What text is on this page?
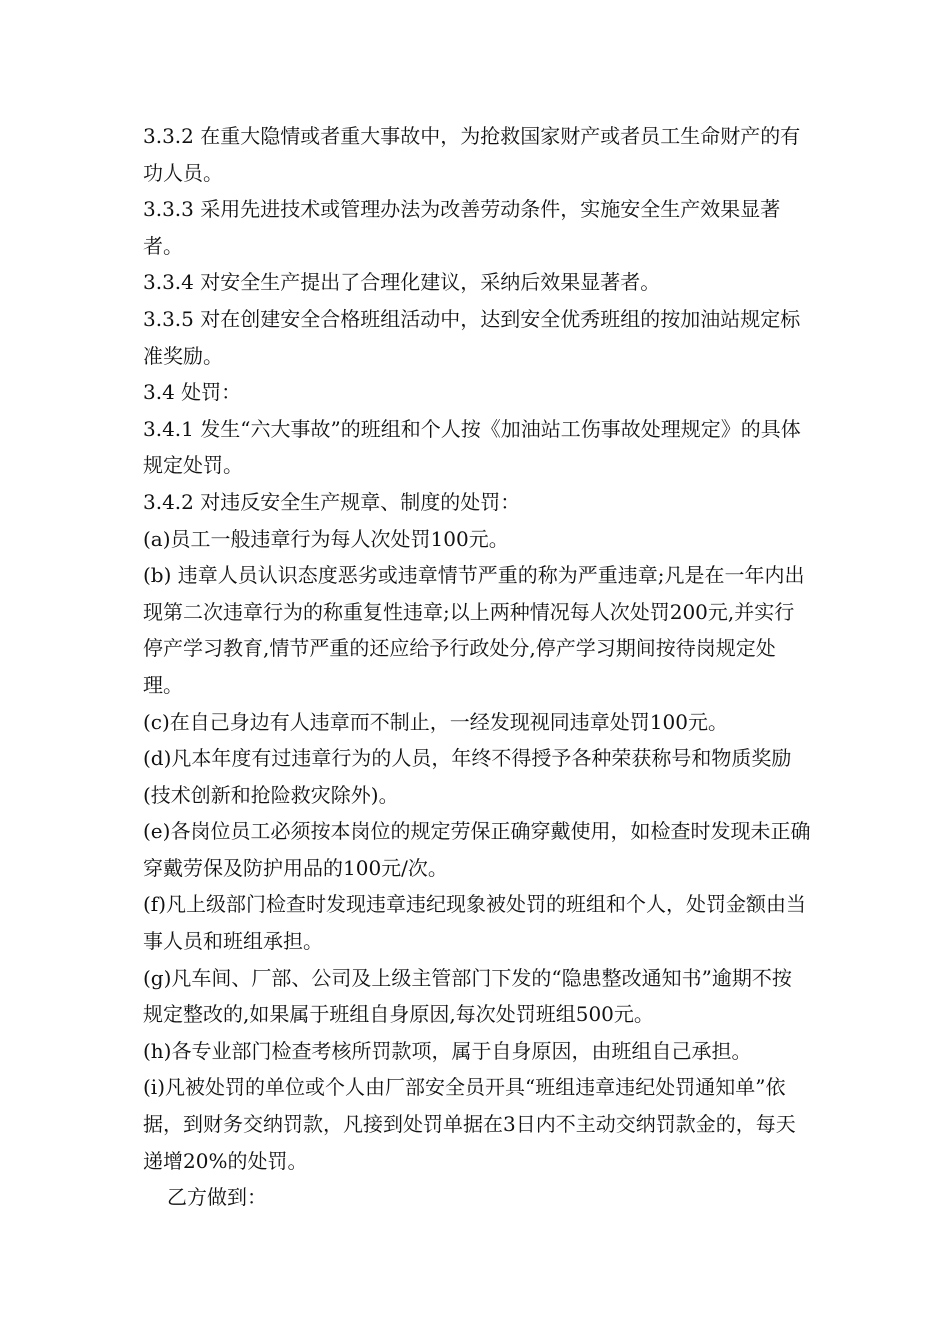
3.3.2 在重大隐情或者重大事故中，为抢救国家财产或者员工生命财产的有功人员。

3.3.3 采用先进技术或管理办法为改善劳动条件，实施安全生产效果显著者。

3.3.4 对安全生产提出了合理化建议，采纳后效果显著者。

3.3.5 对在创建安全合格班组活动中，达到安全优秀班组的按加油站规定标准奖励。

3.4 处罚：

3.4.1 发生“六大事故”的班组和个人按《加油站工伤事故处理规定》的具体规定处罚。

3.4.2 对违反安全生产规章、制度的处罚：

(a)员工一般违章行为每人次处罚100元。

(b) 违章人员认识态度恶劣或违章情节严重的称为严重违章;凡是在一年内出现第二次违章行为的称重复性违章;以上两种情况每人次处罚200元,并实行停产学习教育,情节严重的还应给予行政处分,停产学习期间按待岗规定处理。

(c)在自己身边有人违章而不制止，一经发现视同违章处罚100元。

(d)凡本年度有过违章行为的人员，年终不得授予各种荣获称号和物质奖励(技术创新和抢险救灾除外)。

(e)各岗位员工必须按本岗位的规定劳保正确穿戴使用，如检查时发现未正确穿戴劳保及防护用品的100元/次。

(f)凡上级部门检查时发现违章违纪现象被处罚的班组和个人，处罚金额由当事人员和班组承担。

(g)凡车间、厂部、公司及上级主管部门下发的“隐患整改通知书”逾期不按规定整改的,如果属于班组自身原因,每次处罚班组500元。

(h)各专业部门检查考核所罚款项，属于自身原因，由班组自己承担。

(i)凡被处罚的单位或个人由厂部安全员开具“班组违章违纪处罚通知单”依据，到财务交纳罚款，凡接到处罚单据在3日内不主动交纳罚款金的，每天递增20%的处罚。

乙方做到：
